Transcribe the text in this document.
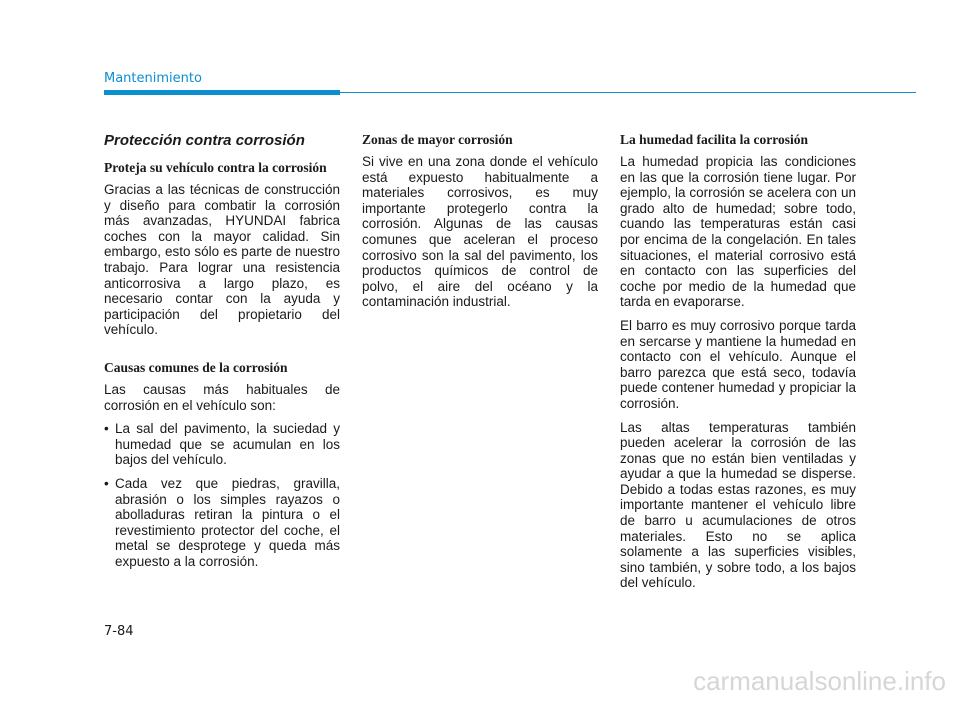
Mantenimiento
Protección contra corrosión
Proteja su vehículo contra la corrosión

Gracias a las técnicas de construcción y diseño para combatir la corrosión más avanzadas, HYUNDAI fabrica coches con la mayor calidad. Sin embargo, esto sólo es parte de nuestro trabajo. Para lograr una resistencia anticorrosiva a largo plazo, es necesario contar con la ayuda y participación del propietario del vehículo.

Causas comunes de la corrosión

Las causas más habituales de corrosión en el vehículo son:

• La sal del pavimento, la suciedad y humedad que se acumulan en los bajos del vehículo.
• Cada vez que piedras, gravilla, abrasión o los simples rayazos o abolladuras retiran la pintura o el revestimiento protector del coche, el metal se desprotege y queda más expuesto a la corrosión.
Zonas de mayor corrosión

Si vive en una zona donde el vehículo está expuesto habitualmente a materiales corrosivos, es muy importante protegerlo contra la corrosión. Algunas de las causas comunes que aceleran el proceso corrosivo son la sal del pavimento, los productos químicos de control de polvo, el aire del océano y la contaminación industrial.

La humedad facilita la corrosión

La humedad propicia las condiciones en las que la corrosión tiene lugar. Por ejemplo, la corrosión se acelera con un grado alto de humedad; sobre todo, cuando las temperaturas están casi por encima de la congelación. En tales situaciones, el material corrosivo está en contacto con las superficies del coche por medio de la humedad que tarda en evaporarse.

El barro es muy corrosivo porque tarda en sercarse y mantiene la humedad en contacto con el vehículo. Aunque el barro parezca que está seco, todavía puede contener humedad y propiciar la corrosión.

Las altas temperaturas también pueden acelerar la corrosión de las zonas que no están bien ventiladas y ayudar a que la humedad se disperse. Debido a todas estas razones, es muy importante mantener el vehículo libre de barro u acumulaciones de otros materiales. Esto no se aplica solamente a las superficies visibles, sino también, y sobre todo, a los bajos del vehículo.

7-84
carmanualsonline.info
